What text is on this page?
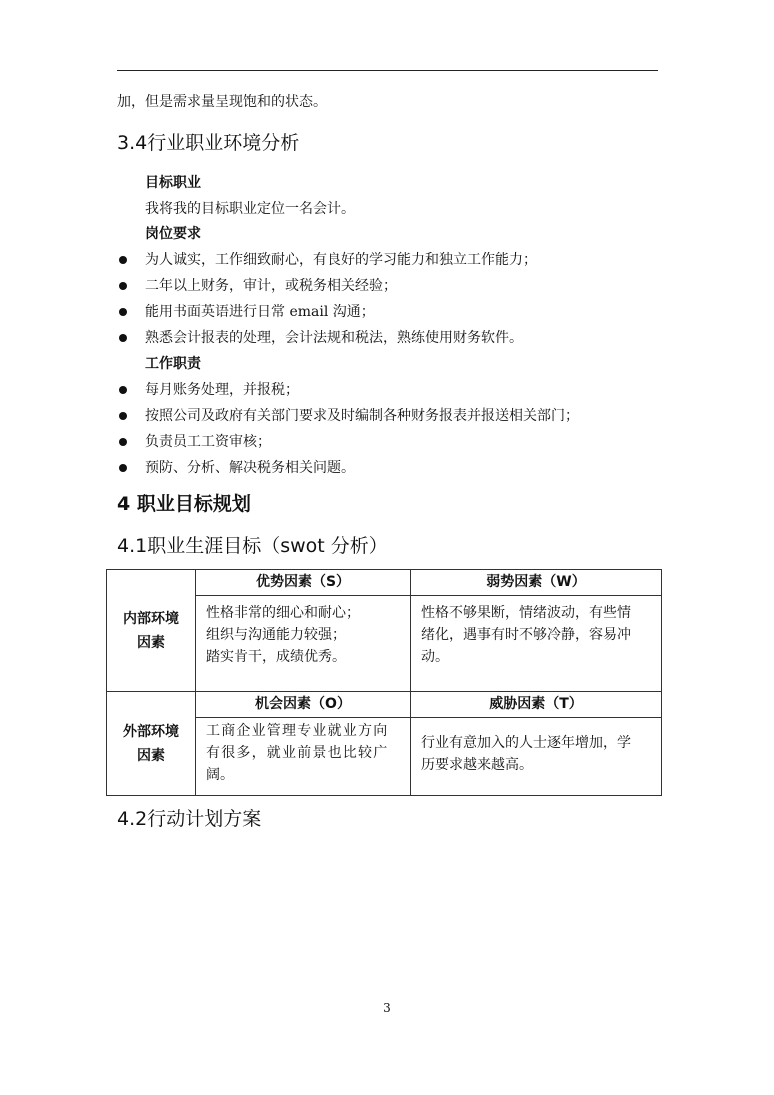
加，但是需求量呈现饱和的状态。
3.4行业职业环境分析
目标职业
我将我的目标职业定位一名会计。
岗位要求
为人诚实，工作细致耐心，有良好的学习能力和独立工作能力；
二年以上财务，审计，或税务相关经验；
能用书面英语进行日常 email 沟通；
熟悉会计报表的处理，会计法规和税法，熟练使用财务软件。
工作职责
每月账务处理，并报税；
按照公司及政府有关部门要求及时编制各种财务报表并报送相关部门；
负责员工工资审核；
预防、分析、解决税务相关问题。
4 职业目标规划
4.1职业生涯目标（swot 分析）
内部环境
因素
优势因素（S）	弱势因素（W）
性格非常的细心和耐心；
组织与沟通能力较强；
踏实肯干，成绩优秀。
性格不够果断，情绪波动，有些情
绪化，遇事有时不够冷静，容易冲
动。
外部环境
因素
机会因素（O）	威胁因素（T）
工商企业管理专业就业方向
有很多，就业前景也比较广
阔。
行业有意加入的人士逐年增加，学
历要求越来越高。
4.2行动计划方案
3
